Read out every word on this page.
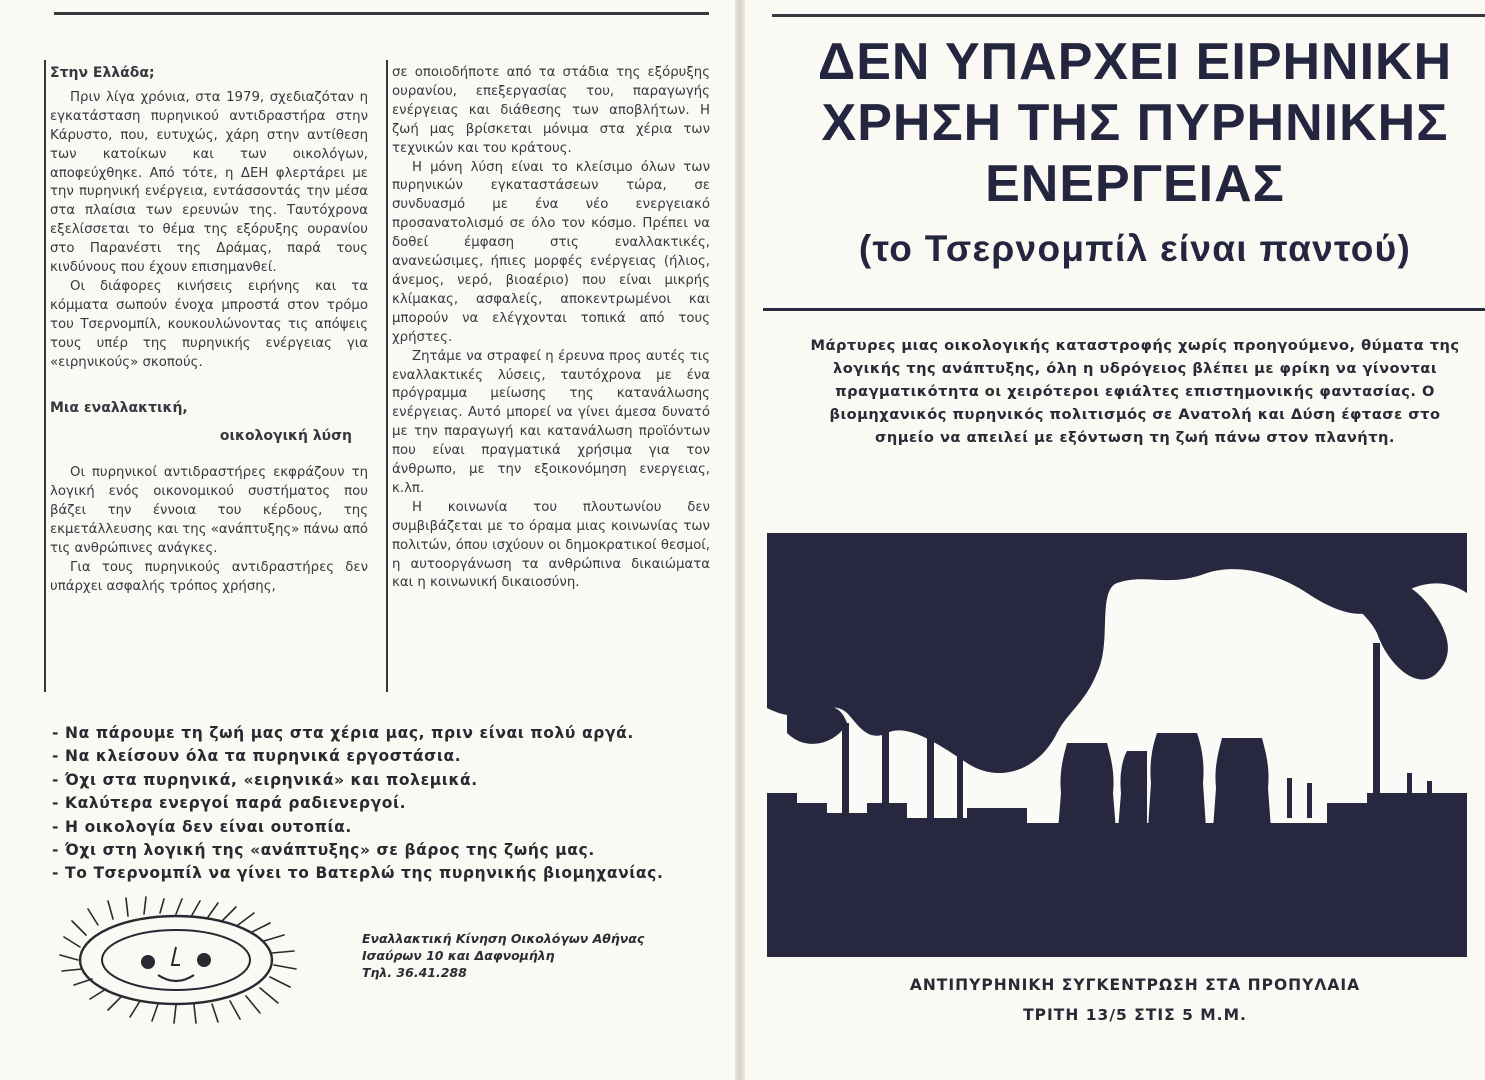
Στην Ελλάδα;

Πριν λίγα χρόνια, στα 1979, σχεδιαζόταν η εγκατάσταση πυρηνικού αντιδραστήρα στην Κάρυστο, που, ευτυχώς, χάρη στην αντίθεση των κατοίκων και των οικολόγων, αποφεύχθηκε. Από τότε, η ΔΕΗ φλερτάρει με την πυρηνική ενέργεια, εντάσσοντάς την μέσα στα πλαίσια των ερευνών της. Ταυτόχρονα εξελίσσεται το θέμα της εξόρυξης ουρανίου στο Παρανέστι της Δράμας, παρά τους κινδύνους που έχουν επισημανθεί.

Οι διάφορες κινήσεις ειρήνης και τα κόμματα σωπούν ένοχα μπροστά στον τρόμο του Τσερνομπίλ, κουκουλώνοντας τις απόψεις τους υπέρ της πυρηνικής ενέργειας για «ειρηνικούς» σκοπούς.

Μια εναλλακτική,
οικολογική λύση

Οι πυρηνικοί αντιδραστήρες εκφράζουν τη λογική ενός οικονομικού συστήματος που βάζει την έννοια του κέρδους, της εκμετάλλευσης και της «ανάπτυξης» πάνω από τις ανθρώπινες ανάγκες.

Για τους πυρηνικούς αντιδραστήρες δεν υπάρχει ασφαλής τρόπος χρήσης,

σε οποιοδήποτε από τα στάδια της εξόρυξης ουρανίου, επεξεργασίας του, παραγωγής ενέργειας και διάθεσης των αποβλήτων. Η ζωή μας βρίσκεται μόνιμα στα χέρια των τεχνικών και του κράτους.

Η μόνη λύση είναι το κλείσιμο όλων των πυρηνικών εγκαταστάσεων τώρα, σε συνδυασμό με ένα νέο ενεργειακό προσανατολισμό σε όλο τον κόσμο. Πρέπει να δοθεί έμφαση στις εναλλακτικές, ανανεώσιμες, ήπιες μορφές ενέργειας (ήλιος, άνεμος, νερό, βιοαέριο) που είναι μικρής κλίμακας, ασφαλείς, αποκεντρωμένοι και μπορούν να ελέγχονται τοπικά από τους χρήστες.

Ζητάμε να στραφεί η έρευνα προς αυτές τις εναλλακτικές λύσεις, ταυτόχρονα με ένα πρόγραμμα μείωσης της κατανάλωσης ενέργειας. Αυτό μπορεί να γίνει άμεσα δυνατό με την παραγωγή και κατανάλωση προϊόντων που είναι πραγματικά χρήσιμα για τον άνθρωπο, με την εξοικονόμηση ενεργειας, κ.λπ.

Η κοινωνία του πλουτωνίου δεν συμβιβάζεται με το όραμα μιας κοινωνίας των πολιτών, όπου ισχύουν οι δημοκρατικοί θεσμοί, η αυτοοργάνωση τα ανθρώπινα δικαιώματα και η κοινωνική δικαιοσύνη.

- Να πάρουμε τη ζωή μας στα χέρια μας, πριν είναι πολύ αργά.
- Να κλείσουν όλα τα πυρηνικά εργοστάσια.
- Όχι στα πυρηνικά, «ειρηνικά» και πολεμικά.
- Καλύτερα ενεργοί παρά ραδιενεργοί.
- Η οικολογία δεν είναι ουτοπία.
- Όχι στη λογική της «ανάπτυξης» σε βάρος της ζωής μας.
- Το Τσερνομπίλ να γίνει το Βατερλώ της πυρηνικής βιομηχανίας.
Εναλλακτική Κίνηση Οικολόγων Αθήνας
Ισαύρων 10 και Δαφνομήλη
Τηλ. 36.41.288
ΔΕΝ ΥΠΑΡΧΕΙ ΕΙΡΗΝΙΚΗ ΧΡΗΣΗ ΤΗΣ ΠΥΡΗΝΙΚΗΣ ΕΝΕΡΓΕΙΑΣ
(το Τσερνομπίλ είναι παντού)
Μάρτυρες μιας οικολογικής καταστροφής χωρίς προηγούμενο, θύματα της λογικής της ανάπτυξης, όλη η υδρόγειος βλέπει με φρίκη να γίνονται πραγματικότητα οι χειρότεροι εφιάλτες επιστημονικής φαντασίας. Ο βιομηχανικός πυρηνικός πολιτισμός σε Ανατολή και Δύση έφτασε στο σημείο να απειλεί με εξόντωση τη ζωή πάνω στον πλανήτη.
ΑΝΤΙΠΥΡΗΝΙΚΗ ΣΥΓΚΕΝΤΡΩΣΗ ΣΤΑ ΠΡΟΠΥΛΑΙΑ
ΤΡΙΤΗ 13/5 ΣΤΙΣ 5 Μ.Μ.
